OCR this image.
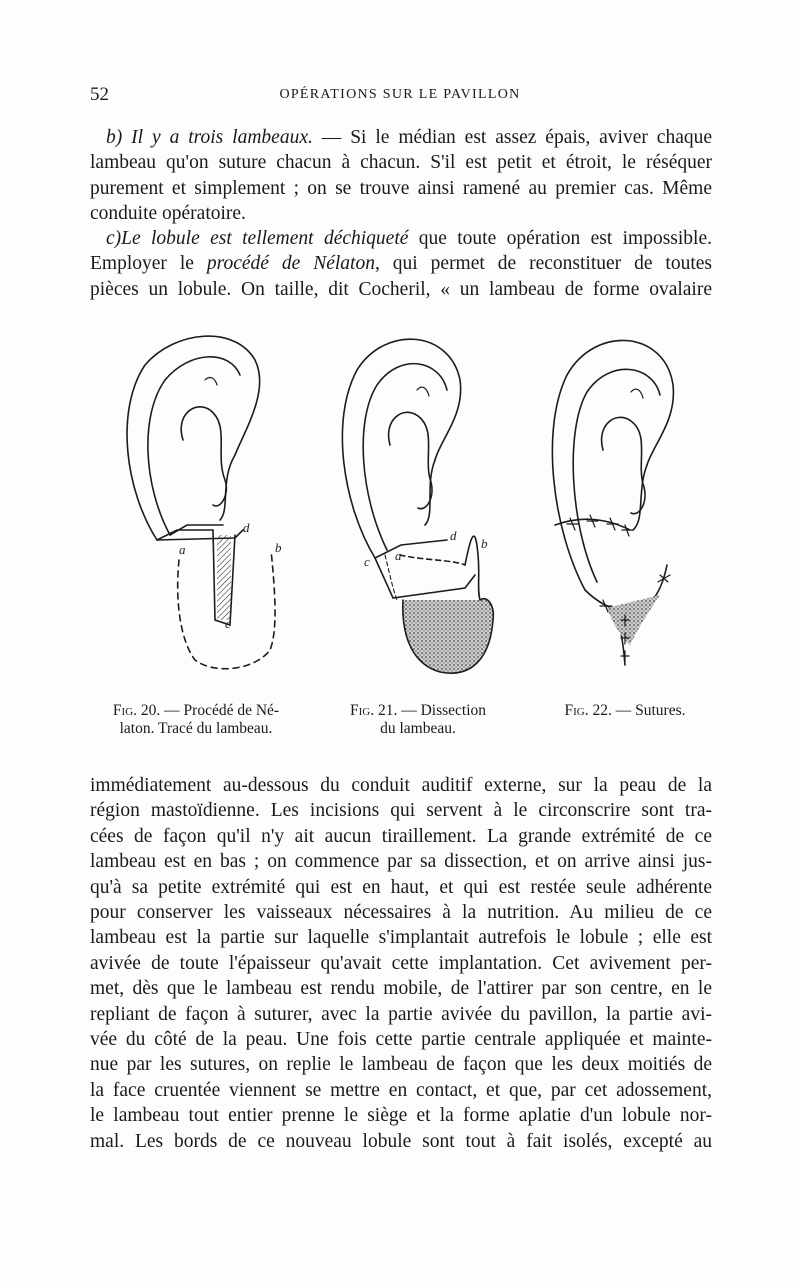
52	OPÉRATIONS SUR LE PAVILLON
b) Il y a trois lambeaux. — Si le médian est assez épais, aviver chaque
lambeau qu'on suture chacun à chacun. S'il est petit et étroit, le réséquer
purement et simplement ; on se trouve ainsi ramené au premier cas. Même
conduite opératoire.
c)Le lobule est tellement déchiqueté que toute opération est impossible.
Employer le procédé de Nélaton, qui permet de reconstituer de toutes
pièces un lobule. On taille, dit Cocheril, « un lambeau de forme ovalaire
a	b
c
d
c a
d
b
Fig. 20. — Procédé de Né-
laton. Tracé du lambeau.
Fig. 21. — Dissection
du lambeau.
Fig. 22. — Sutures.
immédiatement au-dessous du conduit auditif externe, sur la peau de la
région mastoïdienne. Les incisions qui servent à le circonscrire sont tra-
cées de façon qu'il n'y ait aucun tiraillement. La grande extrémité de ce
lambeau est en bas ; on commence par sa dissection, et on arrive ainsi jus-
qu'à sa petite extrémité qui est en haut, et qui est restée seule adhérente
pour conserver les vaisseaux nécessaires à la nutrition. Au milieu de ce
lambeau est la partie sur laquelle s'implantait autrefois le lobule ; elle est
avivée de toute l'épaisseur qu'avait cette implantation. Cet avivement per-
met, dès que le lambeau est rendu mobile, de l'attirer par son centre, en le
repliant de façon à suturer, avec la partie avivée du pavillon, la partie avi-
vée du côté de la peau. Une fois cette partie centrale appliquée et mainte-
nue par les sutures, on replie le lambeau de façon que les deux moitiés de
la face cruentée viennent se mettre en contact, et que, par cet adossement,
le lambeau tout entier prenne le siège et la forme aplatie d'un lobule nor-
mal. Les bords de ce nouveau lobule sont tout à fait isolés, excepté au
